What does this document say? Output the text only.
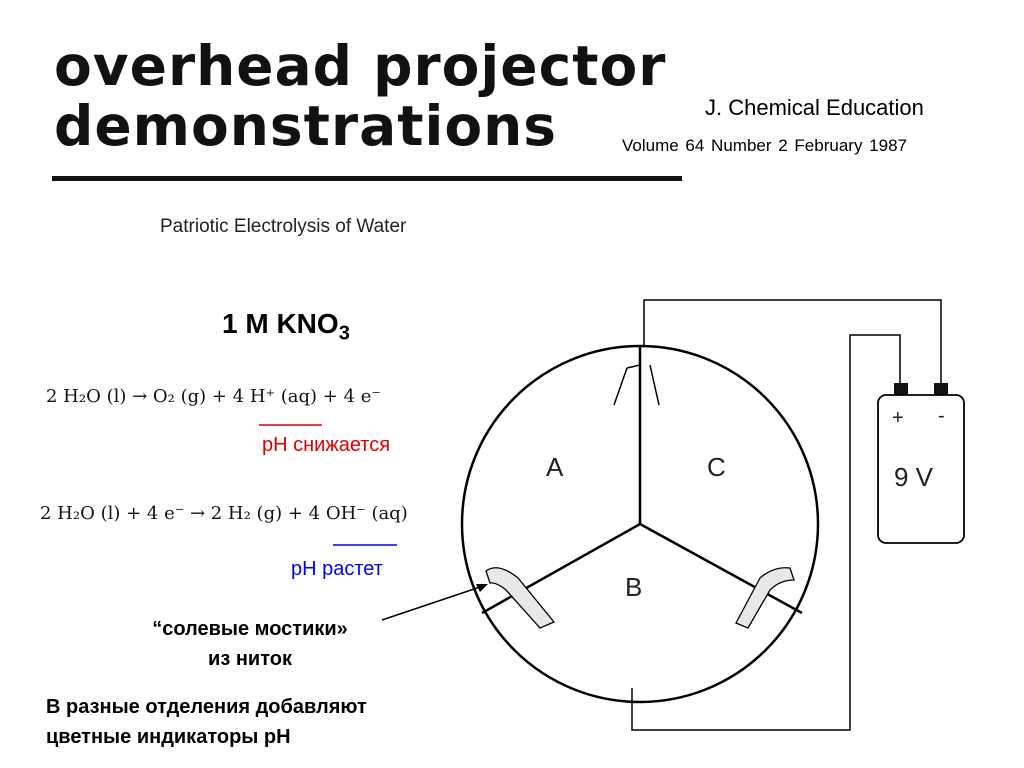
overhead projector
demonstrations	J. Chemical Education
Volume 64 Number 2 February 1987
Patriotic Electrolysis of Water
1 M $KNO_3$
2 H₂O (l) → O₂ (g) + 4 H⁺ (aq) + 4 e⁻
2 H₂O (l) + 4 e⁻ → 2 H₂ (g) + 4 OH⁻ (aq)
pH снижается
pH растет
“солевые мостики»
из ниток
В разные отделения добавляют
цветные индикаторы pH
A
B
C
+ -
9 V
